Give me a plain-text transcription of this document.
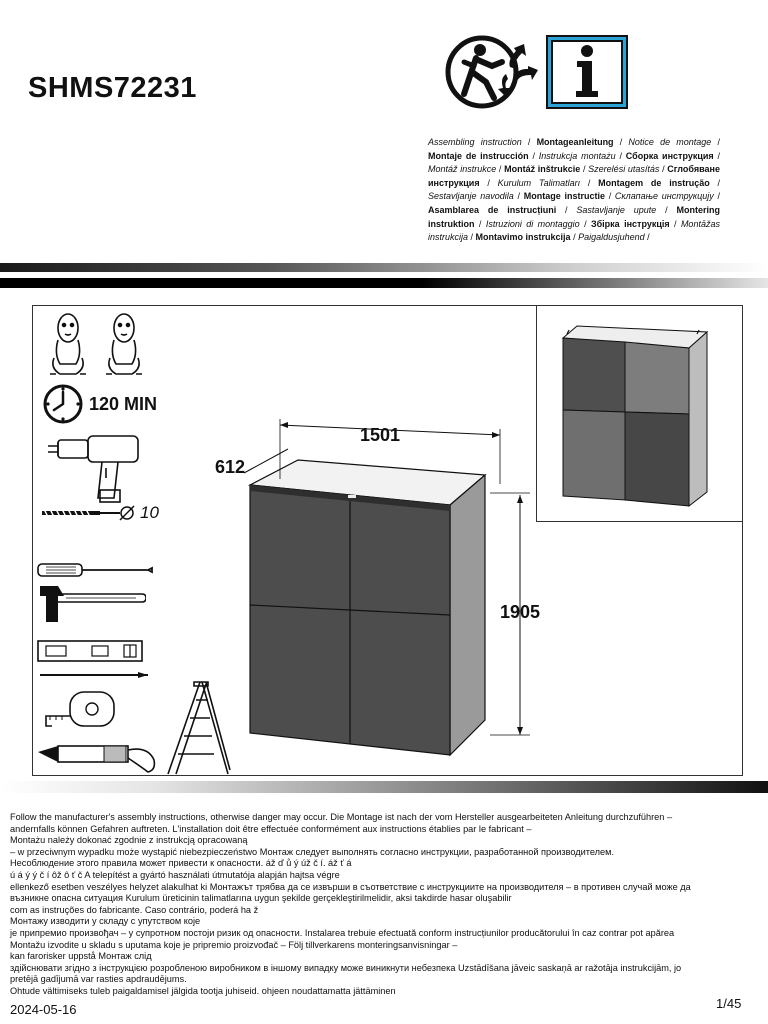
SHMS72231
Assembling instruction / Montageanleitung / Notice de montage / Montaje de instrucción / Instrukcja montażu / Сборка инструкция / Montáž instrukce / Montáž inštrukcie / Szerelési utasítás / Сглобяване инструкция / Kurulum Talimatları / Montagem de instrução / Sestavljanje navodila / Montage instructie / Склапање инструкцију / Asamblarea de instrucțiuni / Sastavljanje upute / Montering instruktion / Istruzioni di montaggio / Збірка інструкція / Montāžas instrukcija / Montavimo instrukcija / Paigaldusjuhend /
120 MIN
10
1501
612
1905

Follow the manufacturer's assembly instructions, otherwise danger may occur. Die Montage ist nach der vom Hersteller ausgearbeiteten Anleitung durchzuführen –

andernfalls können Gefahren auftreten. L'installation doit être effectuée conformément aux instructions établies par le fabricant –

Montażu należy dokonać zgodnie z instrukcją opracowaną

– w przeciwnym wypadku może wystąpić niebezpieczeństwo Монтаж следует выполнять согласно инструкции, разработанной производителем.

Несоблюдение этого правила может привести к опасности. áž ď ů ý úž č í. áž ť á

ú á ý ý č í ôž ô ť č A telepítést a gyártó használati útmutatója alapján hajtsa végre

ellenkező esetben veszélyes helyzet alakulhat ki Монтажът трябва да се извърши в съответствие с инструкциите на производителя – в противен случай може да

възникне опасна ситуация Kurulum üreticinin talimatlarına uygun şekilde gerçekleştirilmelidir, aksi takdirde hasar oluşabilir

com as instruções do fabricante. Caso contrário, poderá ha ž

Монтажу изводити у складу с упутством које

је припремио произвођач – у супротном постоји ризик од опасности. Instalarea trebuie efectuată conform instrucțiunilor producătorului în caz contrar pot apărea

Montažu izvodite u skladu s uputama koje je pripremio proizvođač – Följ tillverkarens monteringsanvisningar –

kan farorisker uppstå Монтаж слід

здійснювати згідно з інструкцією розробленою виробником в іншому випадку може виникнути небезпека Uzstādīšana jāveic saskaņā ar ražotāja instrukcijām, jo

pretējā gadījumā var rasties apdraudējums.

Ohtude vältimiseks tuleb paigaldamisel jälgida tootja juhiseid. ohjeen noudattamatta jättäminen

2024-05-16	1/45
